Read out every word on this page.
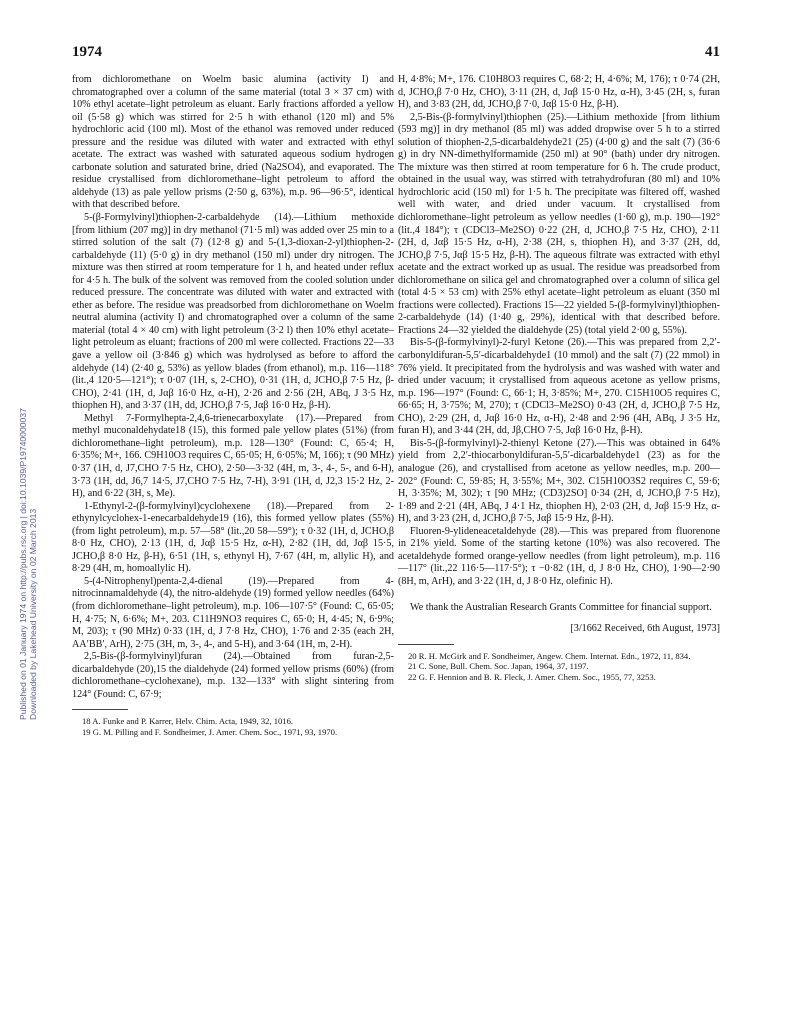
1974	41
Published on 01 January 1974 on http://pubs.rsc.org | doi:10.1039/P19740000037 Downloaded by Lakehead University on 02 March 2013

from dichloromethane on Woelm basic alumina (activity I) and chromatographed over a column of the same material (total 3 × 37 cm) with 10% ethyl acetate–light petroleum as eluant. Early fractions afforded a yellow oil (5·58 g) which was stirred for 2·5 h with ethanol (120 ml) and 5% hydrochloric acid (100 ml). Most of the ethanol was removed under reduced pressure and the residue was diluted with water and extracted with ethyl acetate. The extract was washed with saturated aqueous sodium hydrogen carbonate solution and saturated brine, dried (Na2SO4), and evaporated. The residue crystallised from dichloromethane–light petroleum to afford the aldehyde (13) as pale yellow prisms (2·50 g, 63%), m.p. 96—96·5°, identical with that described before.

5-(β-Formylvinyl)thiophen-2-carbaldehyde (14).—Lithium methoxide [from lithium (207 mg)] in dry methanol (71·5 ml) was added over 25 min to a stirred solution of the salt (7) (12·8 g) and 5-(1,3-dioxan-2-yl)thiophen-2-carbaldehyde (11) (5·0 g) in dry methanol (150 ml) under dry nitrogen. The mixture was then stirred at room temperature for 1 h, and heated under reflux for 4·5 h. The bulk of the solvent was removed from the cooled solution under reduced pressure. The concentrate was diluted with water and extracted with ether as before. The residue was preadsorbed from dichloromethane on Woelm neutral alumina (activity I) and chromatographed over a column of the same material (total 4 × 40 cm) with light petroleum (3·2 l) then 10% ethyl acetate–light petroleum as eluant; fractions of 200 ml were collected. Fractions 22—33 gave a yellow oil (3·846 g) which was hydrolysed as before to afford the aldehyde (14) (2·40 g, 53%) as yellow blades (from ethanol), m.p. 116—118° (lit.,4 120·5—121°); τ 0·07 (1H, s, 2-CHO), 0·31 (1H, d, JCHO,β 7·5 Hz, β-CHO), 2·41 (1H, d, Jαβ 16·0 Hz, α-H), 2·26 and 2·56 (2H, ABq, J 3·5 Hz, thiophen H), and 3·37 (1H, dd, JCHO,β 7·5, Jαβ 16·0 Hz, β-H).

Methyl 7-Formylhepta-2,4,6-trienecarboxylate (17).—Prepared from methyl muconaldehydate18 (15), this formed pale yellow plates (51%) (from dichloromethane–light petroleum), m.p. 128—130° (Found: C, 65·4; H, 6·35%; M+, 166. C9H10O3 requires C, 65·05; H, 6·05%; M, 166); τ (90 MHz) 0·37 (1H, d, J7,CHO 7·5 Hz, CHO), 2·50—3·32 (4H, m, 3-, 4-, 5-, and 6-H), 3·73 (1H, dd, J6,7 14·5, J7,CHO 7·5 Hz, 7-H), 3·91 (1H, d, J2,3 15·2 Hz, 2-H), and 6·22 (3H, s, Me).

1-Ethynyl-2-(β-formylvinyl)cyclohexene (18).—Prepared from 2-ethynylcyclohex-1-enecarbaldehyde19 (16), this formed yellow plates (55%) (from light petroleum), m.p. 57—58° (lit.,20 58—59°); τ 0·32 (1H, d, JCHO,β 8·0 Hz, CHO), 2·13 (1H, d, Jαβ 15·5 Hz, α-H), 2·82 (1H, dd, Jαβ 15·5, JCHO,β 8·0 Hz, β-H), 6·51 (1H, s, ethynyl H), 7·67 (4H, m, allylic H), and 8·29 (4H, m, homoallylic H).

5-(4-Nitrophenyl)penta-2,4-dienal (19).—Prepared from 4-nitrocinnamaldehyde (4), the nitro-aldehyde (19) formed yellow needles (64%) (from dichloromethane–light petroleum), m.p. 106—107·5° (Found: C, 65·05; H, 4·75; N, 6·6%; M+, 203. C11H9NO3 requires C, 65·0; H, 4·45; N, 6·9%; M, 203); τ (90 MHz) 0·33 (1H, d, J 7·8 Hz, CHO), 1·76 and 2·35 (each 2H, AA′BB′, ArH), 2·75 (3H, m, 3-, 4-, and 5-H), and 3·64 (1H, m, 2-H).

2,5-Bis-(β-formylvinyl)furan (24).—Obtained from furan-2,5-dicarbaldehyde (20),15 the dialdehyde (24) formed yellow prisms (60%) (from dichloromethane–cyclohexane), m.p. 132—133° with slight sintering from 124° (Found: C, 67·9;

18 A. Funke and P. Karrer, Helv. Chim. Acta, 1949, 32, 1016.

19 G. M. Pilling and F. Sondheimer, J. Amer. Chem. Soc., 1971, 93, 1970.

H, 4·8%; M+, 176. C10H8O3 requires C, 68·2; H, 4·6%; M, 176); τ 0·74 (2H, d, JCHO,β 7·0 Hz, CHO), 3·11 (2H, d, Jαβ 15·0 Hz, α-H), 3·45 (2H, s, furan H), and 3·83 (2H, dd, JCHO,β 7·0, Jαβ 15·0 Hz, β-H).

2,5-Bis-(β-formylvinyl)thiophen (25).—Lithium methoxide [from lithium (593 mg)] in dry methanol (85 ml) was added dropwise over 5 h to a stirred solution of thiophen-2,5-dicarbaldehyde21 (25) (4·00 g) and the salt (7) (36·6 g) in dry NN-dimethylformamide (250 ml) at 90° (bath) under dry nitrogen. The mixture was then stirred at room temperature for 6 h. The crude product, obtained in the usual way, was stirred with tetrahydrofuran (80 ml) and 10% hydrochloric acid (150 ml) for 1·5 h. The precipitate was filtered off, washed well with water, and dried under vacuum. It crystallised from dichloromethane–light petroleum as yellow needles (1·60 g), m.p. 190—192° (lit.,4 184°); τ (CDCl3–Me2SO) 0·22 (2H, d, JCHO,β 7·5 Hz, CHO), 2·11 (2H, d, Jαβ 15·5 Hz, α-H), 2·38 (2H, s, thiophen H), and 3·37 (2H, dd, JCHO,β 7·5, Jαβ 15·5 Hz, β-H). The aqueous filtrate was extracted with ethyl acetate and the extract worked up as usual. The residue was preadsorbed from dichloromethane on silica gel and chromatographed over a column of silica gel (total 4·5 × 53 cm) with 25% ethyl acetate–light petroleum as eluant (350 ml fractions were collected). Fractions 15—22 yielded 5-(β-formylvinyl)thiophen-2-carbaldehyde (14) (1·40 g, 29%), identical with that described before. Fractions 24—32 yielded the dialdehyde (25) (total yield 2·00 g, 55%).

Bis-5-(β-formylvinyl)-2-furyl Ketone (26).—This was prepared from 2,2′-carbonyldifuran-5,5′-dicarbaldehyde1 (10 mmol) and the salt (7) (22 mmol) in 76% yield. It precipitated from the hydrolysis and was washed with water and dried under vacuum; it crystallised from aqueous acetone as yellow prisms, m.p. 196—197° (Found: C, 66·1; H, 3·85%; M+, 270. C15H10O5 requires C, 66·65; H, 3·75%; M, 270); τ (CDCl3–Me2SO) 0·43 (2H, d, JCHO,β 7·5 Hz, CHO), 2·29 (2H, d, Jαβ 16·0 Hz, α-H), 2·48 and 2·96 (4H, ABq, J 3·5 Hz, furan H), and 3·44 (2H, dd, Jβ,CHO 7·5, Jαβ 16·0 Hz, β-H).

Bis-5-(β-formylvinyl)-2-thienyl Ketone (27).—This was obtained in 64% yield from 2,2′-thiocarbonyldifuran-5,5′-dicarbaldehyde1 (23) as for the analogue (26), and crystallised from acetone as yellow needles, m.p. 200—202° (Found: C, 59·85; H, 3·55%; M+, 302. C15H10O3S2 requires C, 59·6; H, 3·35%; M, 302); τ [90 MHz; (CD3)2SO] 0·34 (2H, d, JCHO,β 7·5 Hz), 1·89 and 2·21 (4H, ABq, J 4·1 Hz, thiophen H), 2·03 (2H, d, Jαβ 15·9 Hz, α-H), and 3·23 (2H, d, JCHO,β 7·5, Jαβ 15·9 Hz, β-H).

Fluoren-9-ylideneacetaldehyde (28).—This was prepared from fluorenone in 21% yield. Some of the starting ketone (10%) was also recovered. The acetaldehyde formed orange-yellow needles (from light petroleum), m.p. 116—117° (lit.,22 116·5—117·5°); τ −0·82 (1H, d, J 8·0 Hz, CHO), 1·90—2·90 (8H, m, ArH), and 3·22 (1H, d, J 8·0 Hz, olefinic H).

We thank the Australian Research Grants Committee for financial support.

[3/1662 Received, 6th August, 1973]

20 R. H. McGirk and F. Sondheimer, Angew. Chem. Internat. Edn., 1972, 11, 834.

21 C. Sone, Bull. Chem. Soc. Japan, 1964, 37, 1197.

22 G. F. Hennion and B. R. Fleck, J. Amer. Chem. Soc., 1955, 77, 3253.
